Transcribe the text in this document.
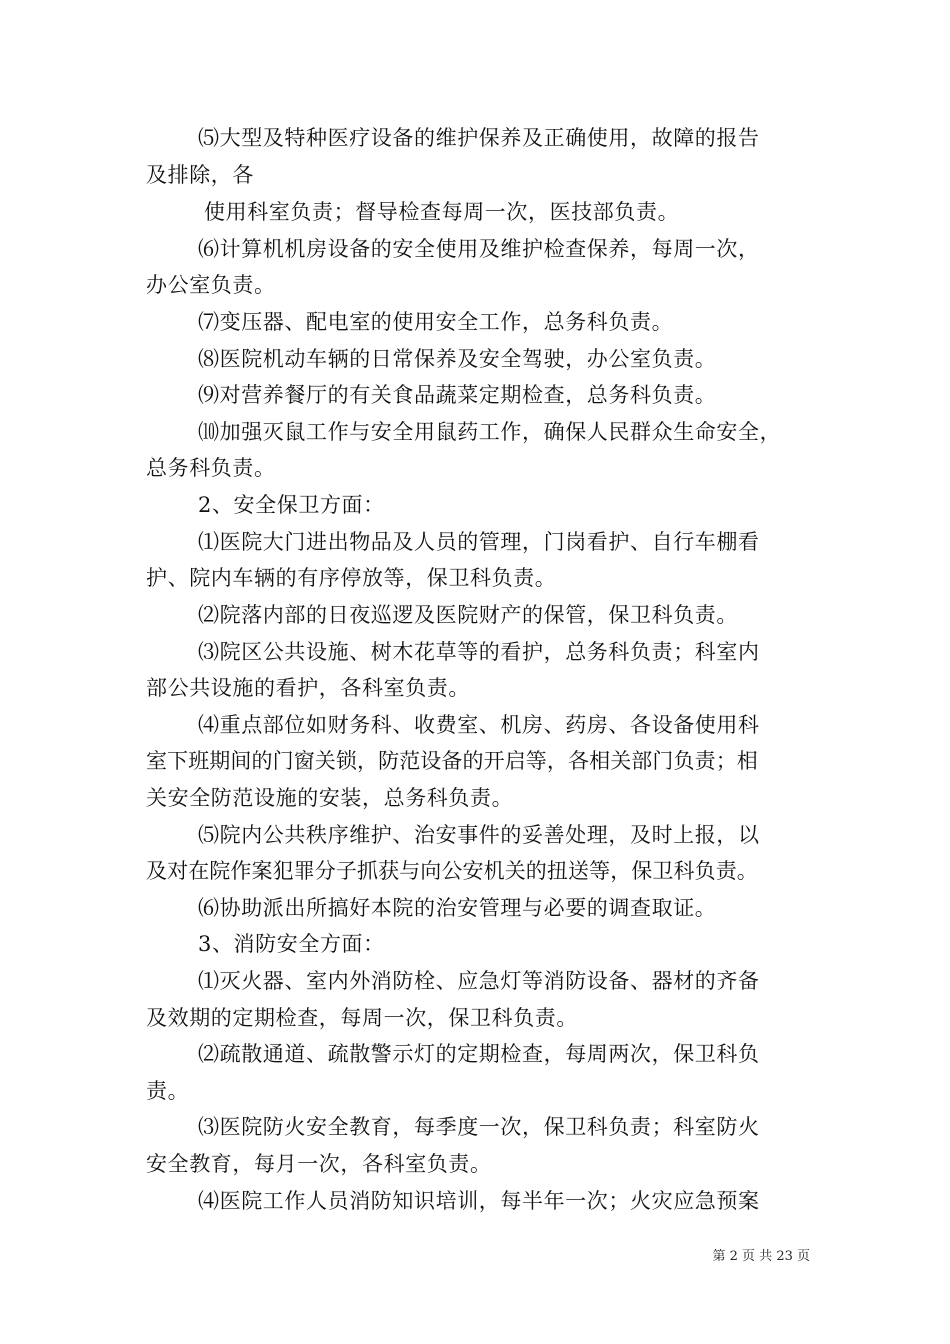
⑸大型及特种医疗设备的维护保养及正确使用，故障的报告
及排除，各
使用科室负责；督导检查每周一次，医技部负责。
⑹计算机机房设备的安全使用及维护检查保养，每周一次，
办公室负责。
⑺变压器、配电室的使用安全工作，总务科负责。
⑻医院机动车辆的日常保养及安全驾驶，办公室负责。
⑼对营养餐厅的有关食品蔬菜定期检查，总务科负责。
⑽加强灭鼠工作与安全用鼠药工作，确保人民群众生命安全，
总务科负责。
2、安全保卫方面：
⑴医院大门进出物品及人员的管理，门岗看护、自行车棚看
护、院内车辆的有序停放等，保卫科负责。
⑵院落内部的日夜巡逻及医院财产的保管，保卫科负责。
⑶院区公共设施、树木花草等的看护，总务科负责；科室内
部公共设施的看护，各科室负责。
⑷重点部位如财务科、收费室、机房、药房、各设备使用科
室下班期间的门窗关锁，防范设备的开启等，各相关部门负责；相
关安全防范设施的安装，总务科负责。
⑸院内公共秩序维护、治安事件的妥善处理，及时上报，以
及对在院作案犯罪分子抓获与向公安机关的扭送等，保卫科负责。
⑹协助派出所搞好本院的治安管理与必要的调查取证。
3、消防安全方面：
⑴灭火器、室内外消防栓、应急灯等消防设备、器材的齐备
及效期的定期检查，每周一次，保卫科负责。
⑵疏散通道、疏散警示灯的定期检查，每周两次，保卫科负
责。
⑶医院防火安全教育，每季度一次，保卫科负责；科室防火
安全教育，每月一次，各科室负责。
⑷医院工作人员消防知识培训，每半年一次；火灾应急预案
第 2 页 共 23 页
